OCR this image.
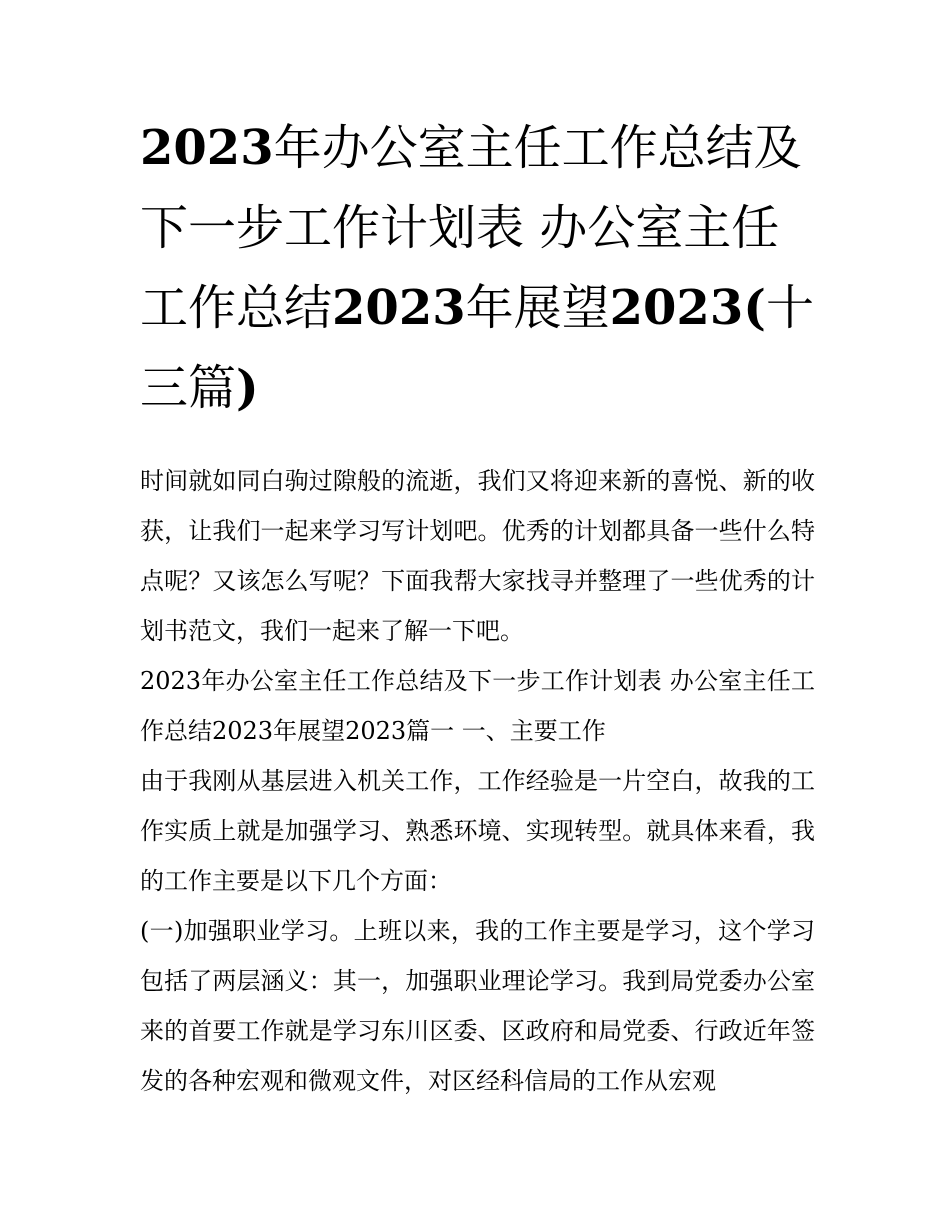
2023年办公室主任工作总结及下一步工作计划表 办公室主任工作总结2023年展望2023(十三篇)

时间就如同白驹过隙般的流逝，我们又将迎来新的喜悦、新的收获，让我们一起来学习写计划吧。优秀的计划都具备一些什么特点呢？又该怎么写呢？下面我帮大家找寻并整理了一些优秀的计划书范文，我们一起来了解一下吧。

2023年办公室主任工作总结及下一步工作计划表 办公室主任工作总结2023年展望2023篇一 一、主要工作

由于我刚从基层进入机关工作，工作经验是一片空白，故我的工作实质上就是加强学习、熟悉环境、实现转型。就具体来看，我的工作主要是以下几个方面：

(一)加强职业学习。上班以来，我的工作主要是学习，这个学习包括了两层涵义：其一，加强职业理论学习。我到局党委办公室来的首要工作就是学习东川区委、区政府和局党委、行政近年签发的各种宏观和微观文件，对区经科信局的工作从宏观
